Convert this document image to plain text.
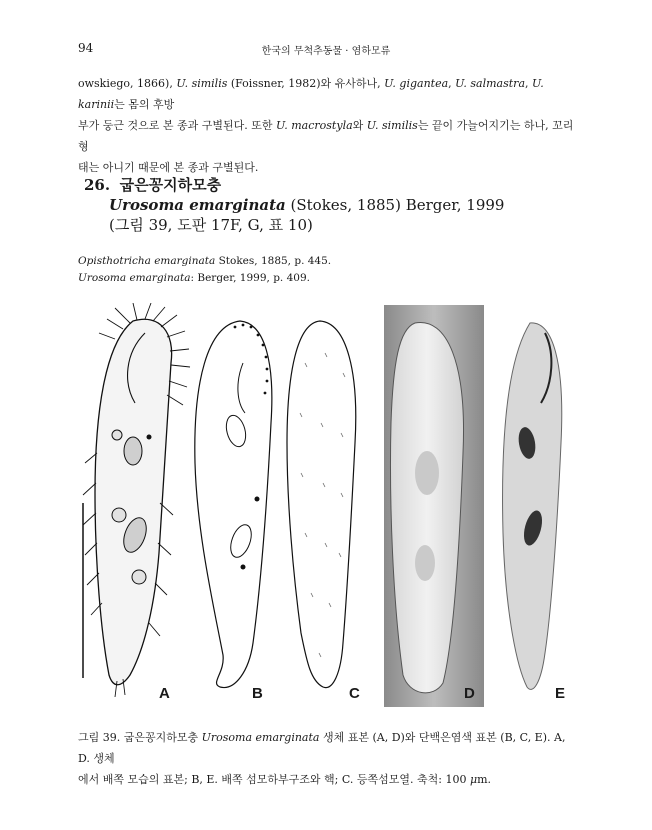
94	한국의 무척추동물 · 염하모류

owskiego, 1866), U. similis (Foissner, 1982)와 유사하나, U. gigantea, U. salmastra, U. karinii는 몸의 후방

부가 둥근 것으로 본 종과 구별된다. 또한 U. macrostyla와 U. similis는 끝이 가늘어지기는 하나, 꼬리형

태는 아니기 때문에 본 종과 구별된다.

26. 굽은꽁지하모충
Urosoma emarginata (Stokes, 1885) Berger, 1999
(그림 39, 도판 17F, G, 표 10)
Opisthotricha emarginata Stokes, 1885, p. 445.
Urosoma emarginata: Berger, 1999, p. 409.
A	B	C	D	E

그림 39. 굽은꽁지하모충 Urosoma emarginata 생체 표본 (A, D)와 단백은염색 표본 (B, C, E). A, D. 생체

에서 배쪽 모습의 표본; B, E. 배쪽 섬모하부구조와 핵; C. 등쪽섬모열. 축척: 100 μm.
